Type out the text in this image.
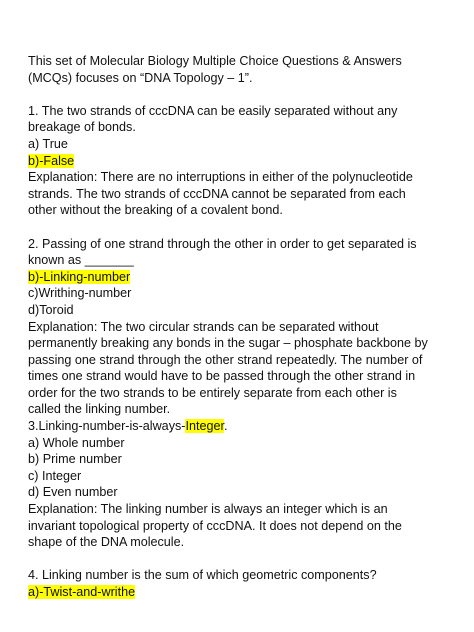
This set of Molecular Biology Multiple Choice Questions & Answers
(MCQs) focuses on “DNA Topology – 1”.
1. The two strands of cccDNA can be easily separated without any
breakage of bonds.
a) True
b)-False
Explanation: There are no interruptions in either of the polynucleotide
strands. The two strands of cccDNA cannot be separated from each
other without the breaking of a covalent bond.
2. Passing of one strand through the other in order to get separated is
known as _______
b)-Linking-number
c)Writhing-number
d)Toroid
Explanation: The two circular strands can be separated without
permanently breaking any bonds in the sugar – phosphate backbone by
passing one strand through the other strand repeatedly. The number of
times one strand would have to be passed through the other strand in
order for the two strands to be entirely separate from each other is
called the linking number.
3.Linking-number-is-always-Integer.
a) Whole number
b) Prime number
c) Integer
d) Even number
Explanation: The linking number is always an integer which is an
invariant topological property of cccDNA. It does not depend on the
shape of the DNA molecule.
4. Linking number is the sum of which geometric components?
a)-Twist-and-writhe
